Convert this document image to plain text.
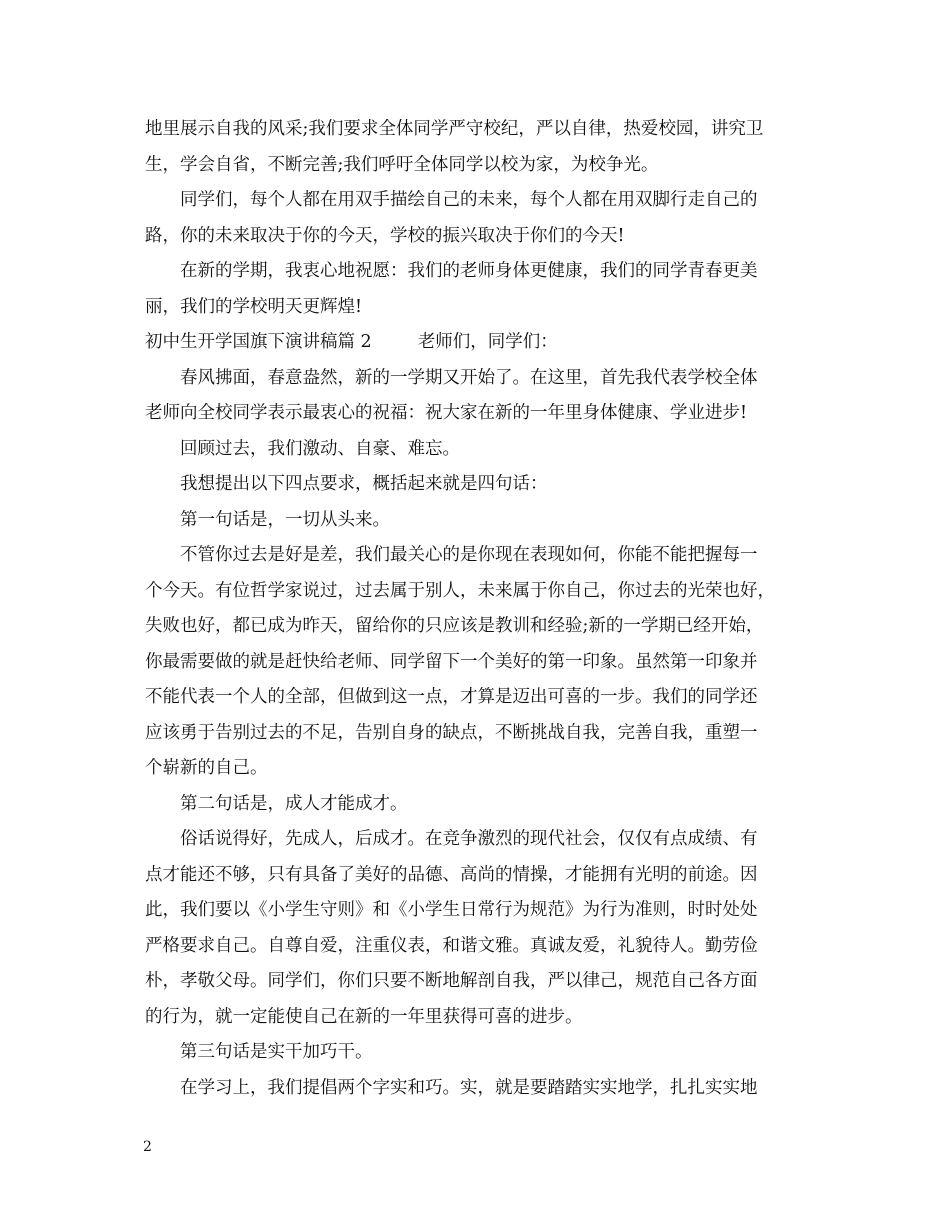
地里展示自我的风采;我们要求全体同学严守校纪，严以自律，热爱校园，讲究卫
生，学会自省，不断完善;我们呼吁全体同学以校为家，为校争光。
同学们，每个人都在用双手描绘自己的未来，每个人都在用双脚行走自己的
路，你的未来取决于你的今天，学校的振兴取决于你们的今天!
在新的学期，我衷心地祝愿：我们的老师身体更健康，我们的同学青春更美
丽，我们的学校明天更辉煌!
初中生开学国旗下演讲稿篇 2	老师们，同学们：
春风拂面，春意盎然，新的一学期又开始了。在这里，首先我代表学校全体
老师向全校同学表示最衷心的祝福：祝大家在新的一年里身体健康、学业进步!
回顾过去，我们激动、自豪、难忘。
我想提出以下四点要求，概括起来就是四句话：
第一句话是，一切从头来。
不管你过去是好是差，我们最关心的是你现在表现如何，你能不能把握每一
个今天。有位哲学家说过，过去属于别人，未来属于你自己，你过去的光荣也好，
失败也好，都已成为昨天，留给你的只应该是教训和经验;新的一学期已经开始，
你最需要做的就是赶快给老师、同学留下一个美好的第一印象。虽然第一印象并
不能代表一个人的全部，但做到这一点，才算是迈出可喜的一步。我们的同学还
应该勇于告别过去的不足，告别自身的缺点，不断挑战自我，完善自我，重塑一
个崭新的自己。
第二句话是，成人才能成才。
俗话说得好，先成人，后成才。在竞争激烈的现代社会，仅仅有点成绩、有
点才能还不够，只有具备了美好的品德、高尚的情操，才能拥有光明的前途。因
此，我们要以《小学生守则》和《小学生日常行为规范》为行为准则，时时处处
严格要求自己。自尊自爱，注重仪表，和谐文雅。真诚友爱，礼貌待人。勤劳俭
朴，孝敬父母。同学们，你们只要不断地解剖自我，严以律己，规范自己各方面
的行为，就一定能使自己在新的一年里获得可喜的进步。
第三句话是实干加巧干。
在学习上，我们提倡两个字实和巧。实，就是要踏踏实实地学，扎扎实实地
2
